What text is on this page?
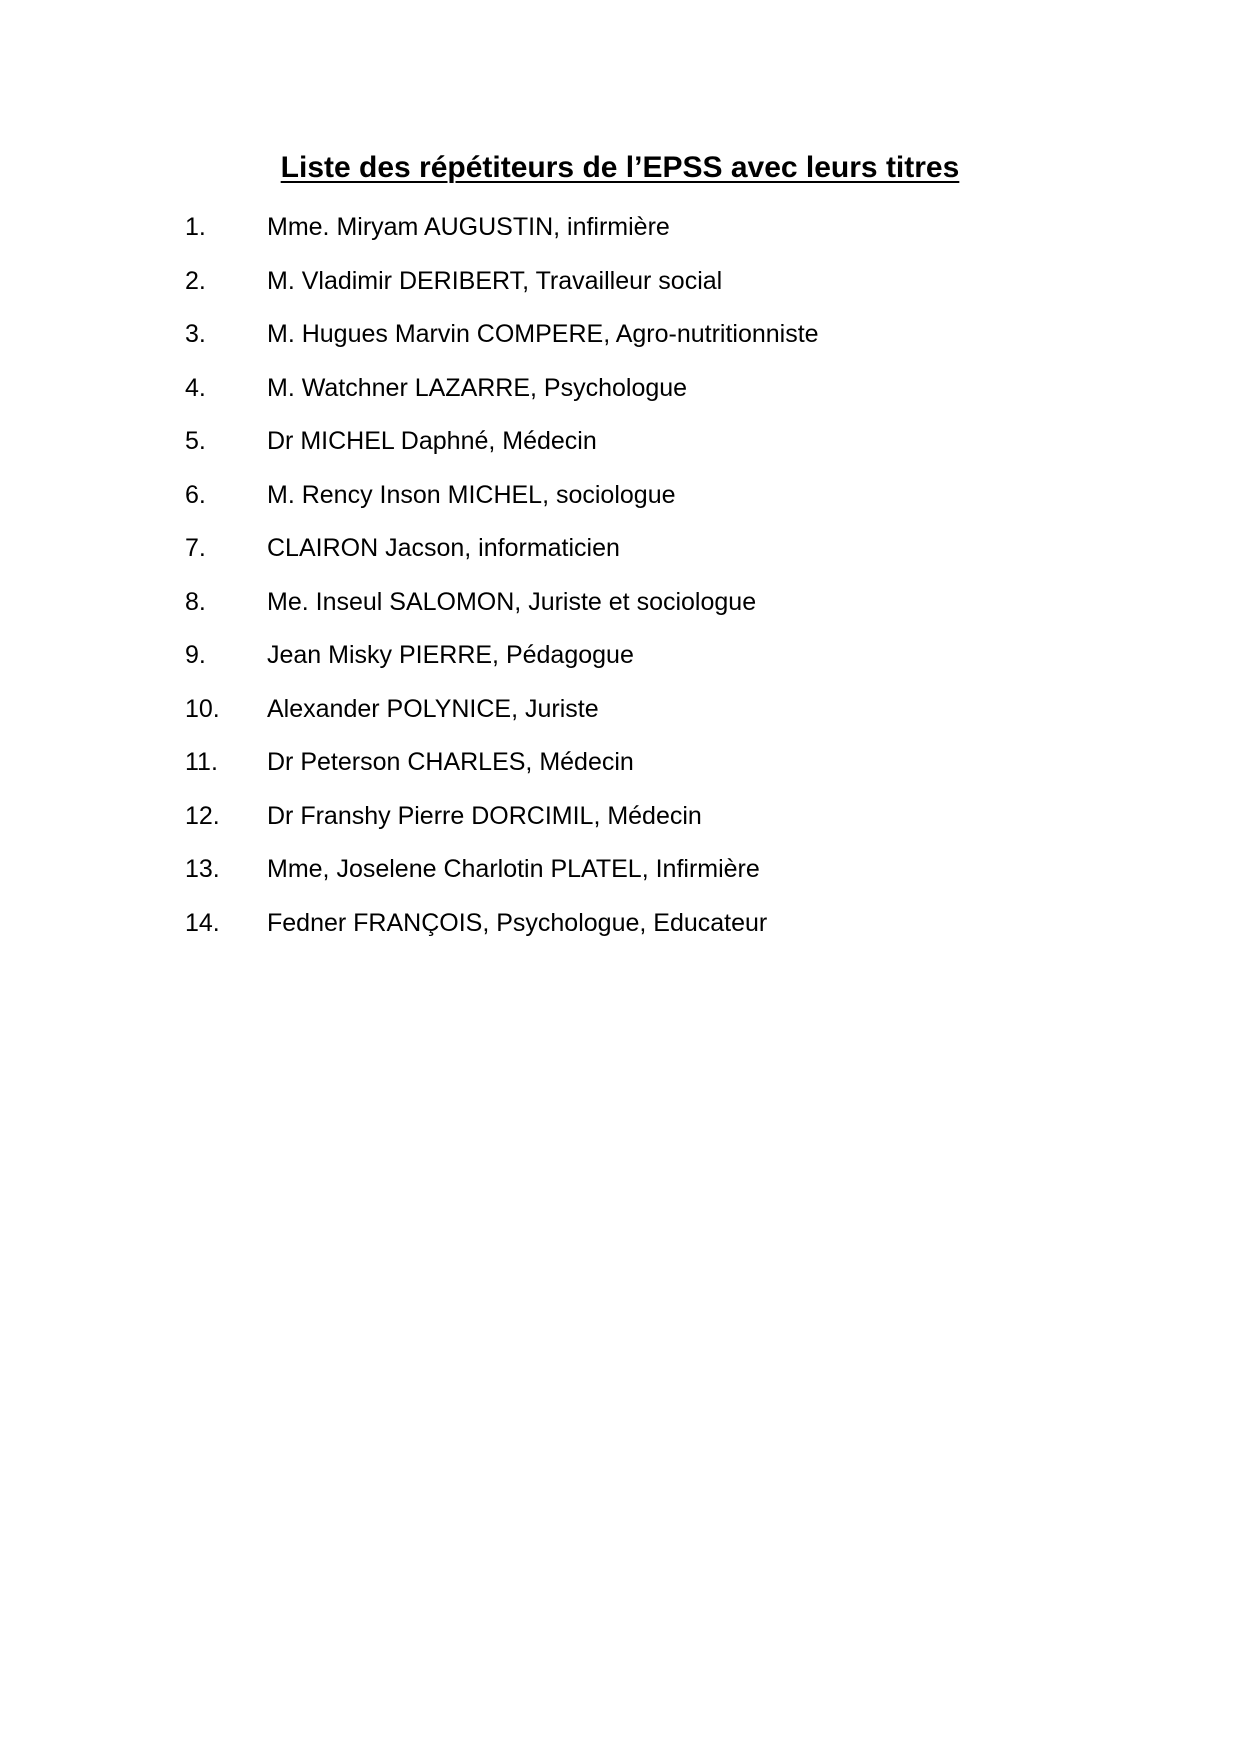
Liste des répétiteurs de l’EPSS avec leurs titres
1.	Mme. Miryam AUGUSTIN, infirmière
2.	M. Vladimir DERIBERT, Travailleur social
3.	M. Hugues Marvin COMPERE, Agro-nutritionniste
4.	M. Watchner LAZARRE, Psychologue
5.	Dr MICHEL Daphné, Médecin
6.	M. Rency Inson MICHEL, sociologue
7.	CLAIRON Jacson, informaticien
8.	Me. Inseul SALOMON, Juriste et sociologue
9.	Jean Misky PIERRE, Pédagogue
10.	Alexander POLYNICE, Juriste
11.	Dr Peterson CHARLES, Médecin
12.	Dr Franshy Pierre DORCIMIL, Médecin
13.	Mme, Joselene Charlotin PLATEL, Infirmière
14.	Fedner FRANÇOIS, Psychologue, Educateur
